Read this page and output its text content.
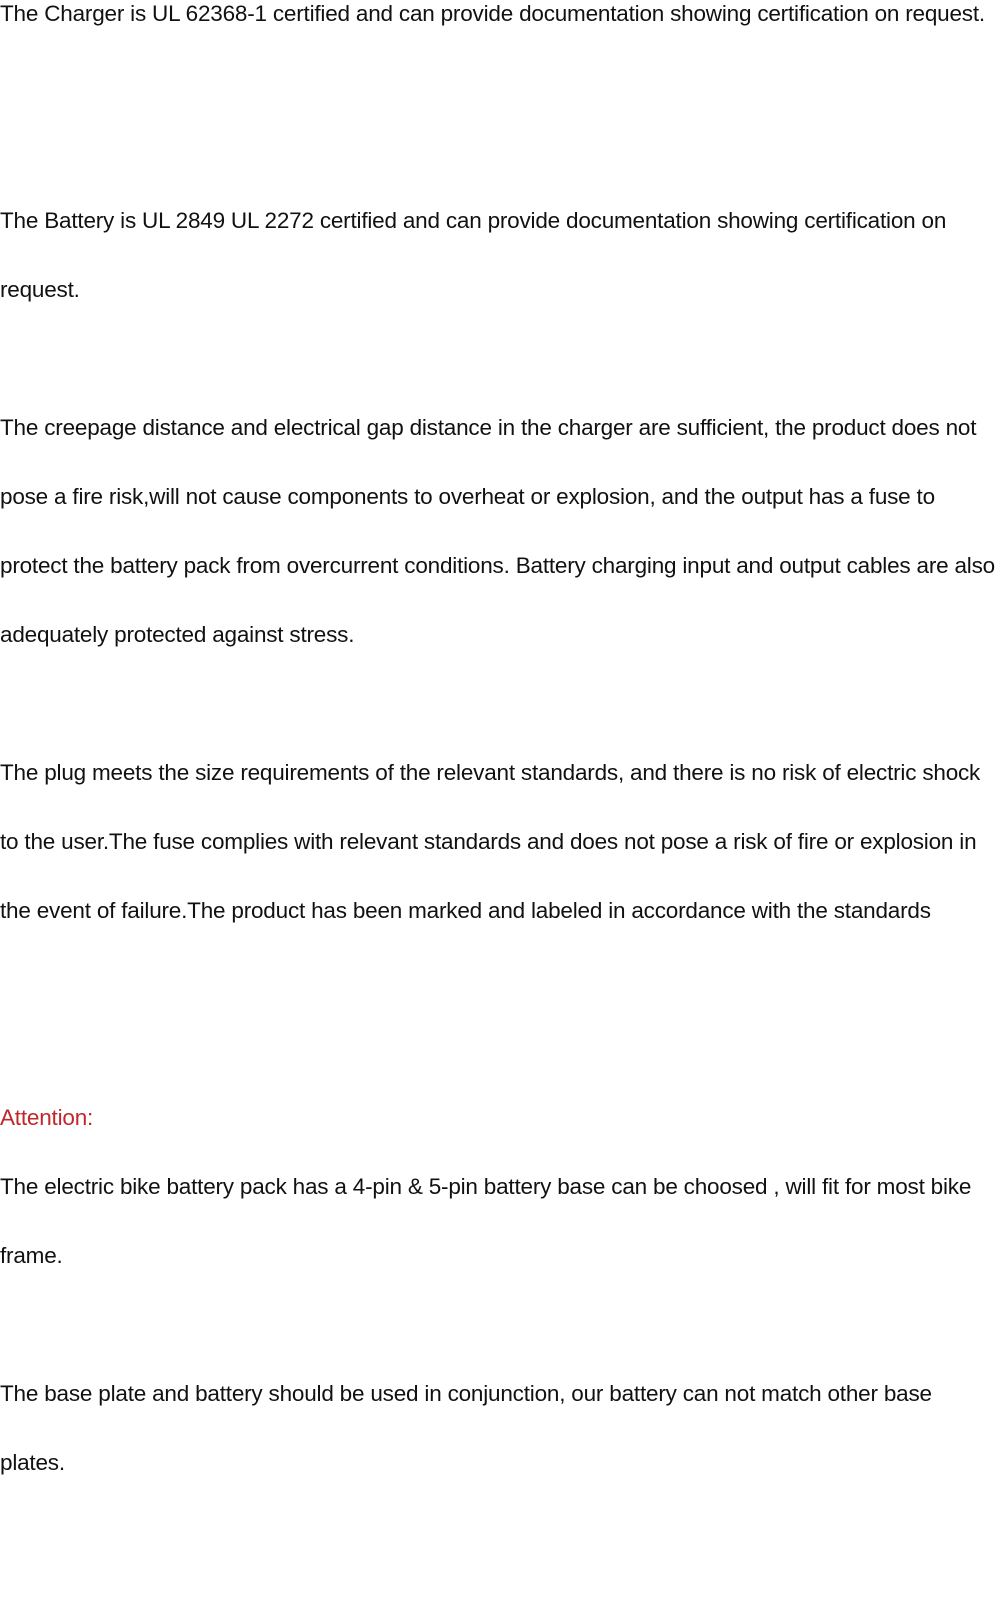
The Charger is UL 62368-1 certified and can provide documentation showing certification on request.

The Battery is UL 2849 UL 2272 certified and can provide documentation showing certification on request.

The creepage distance and electrical gap distance in the charger are sufficient, the product does not pose a fire risk,will not cause components to overheat or explosion, and the output has a fuse to protect the battery pack from overcurrent conditions. Battery charging input and output cables are also adequately protected against stress.

The plug meets the size requirements of the relevant standards, and there is no risk of electric shock to the user.The fuse complies with relevant standards and does not pose a risk of fire or explosion in the event of failure.The product has been marked and labeled in accordance with the standards

Attention:

The electric bike battery pack has a 4-pin & 5-pin battery base can be choosed , will fit for most bike frame.

The base plate and battery should be used in conjunction, our battery can not match other base plates.
